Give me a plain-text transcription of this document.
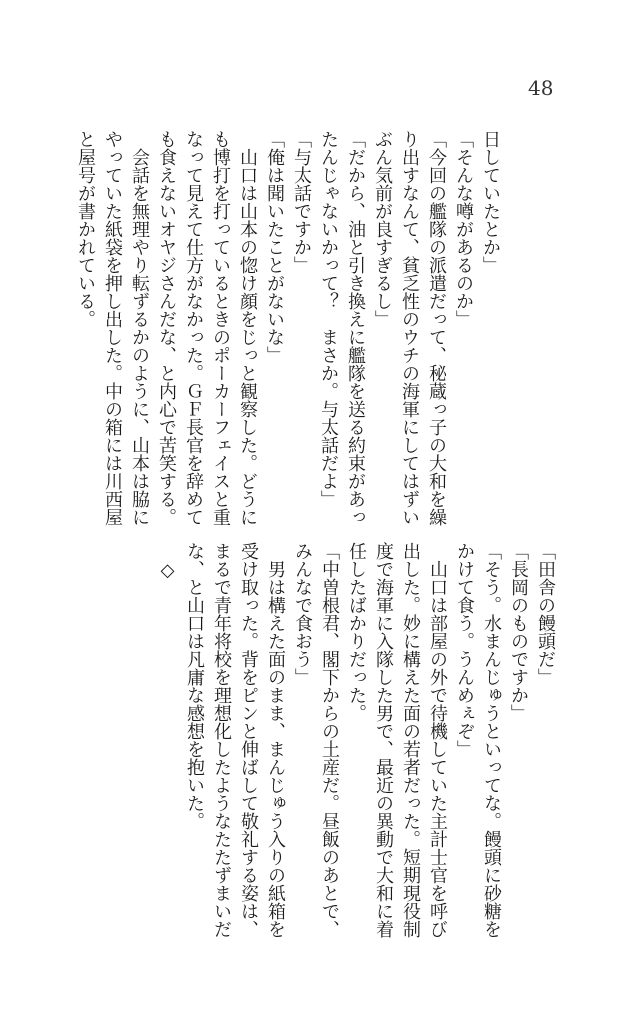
48
日していたとか」
「そんな噂があるのか」
「今回の艦隊の派遣だって、秘蔵っ子の大和を繰
り出すなんて、貧乏性のウチの海軍にしてはずい
ぶん気前が良すぎるし」
「だから、油と引き換えに艦隊を送る約束があっ
たんじゃないかって？　まさか。与太話だよ」
「与太話ですか」
「俺は聞いたことがないな」
　山口は山本の惚け顔をじっと観察した。どうに
も博打を打っているときのポーカーフェイスと重
なって見えて仕方がなかった。ＧＦ長官を辞めて
も食えないオヤジさんだな、と内心で苦笑する。
　会話を無理やり転ずるかのように、山本は脇に
やっていた紙袋を押し出した。中の箱には川西屋
と屋号が書かれている。
「田舎の饅頭だ」
「長岡のものですか」
「そう。水まんじゅうといってな。饅頭に砂糖を
かけて食う。うんめぇぞ」
　山口は部屋の外で待機していた主計士官を呼び
出した。妙に構えた面の若者だった。短期現役制
度で海軍に入隊した男で、最近の異動で大和に着
任したばかりだった。
「中曽根君、閣下からの土産だ。昼飯のあとで、
みんなで食おう」
　男は構えた面のまま、まんじゅう入りの紙箱を
受け取った。背をピンと伸ばして敬礼する姿は、
まるで青年将校を理想化したようなたたずまいだ
な、と山口は凡庸な感想を抱いた。
　◇
